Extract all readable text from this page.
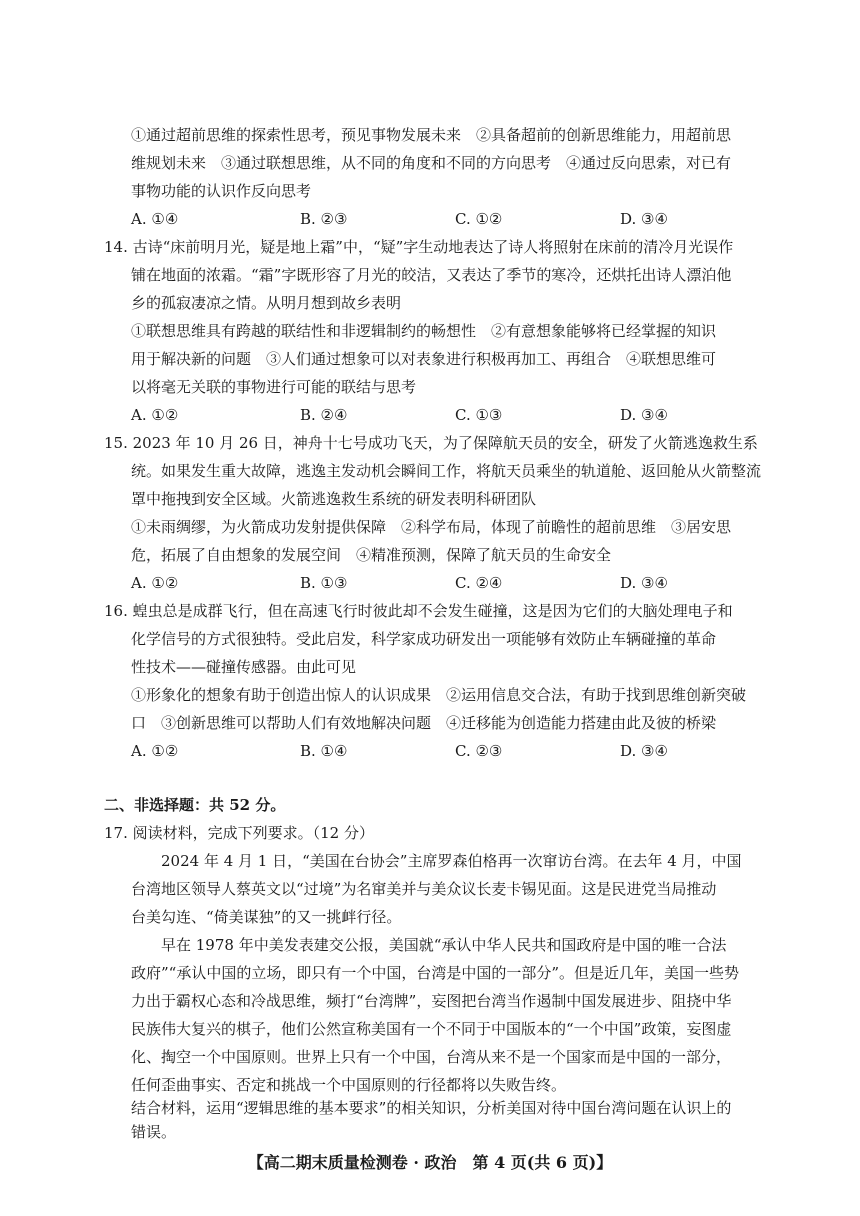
①通过超前思维的探索性思考，预见事物发展未来　②具备超前的创新思维能力，用超前思
维规划未来　③通过联想思维，从不同的角度和不同的方向思考　④通过反向思索，对已有
事物功能的认识作反向思考
A. ①④	B. ②③	C. ①②	D. ③④
14. 古诗“床前明月光，疑是地上霜”中，“疑”字生动地表达了诗人将照射在床前的清冷月光误作
铺在地面的浓霜。“霜”字既形容了月光的皎洁，又表达了季节的寒冷，还烘托出诗人漂泊他
乡的孤寂凄凉之情。从明月想到故乡表明
①联想思维具有跨越的联结性和非逻辑制约的畅想性　②有意想象能够将已经掌握的知识
用于解决新的问题　③人们通过想象可以对表象进行积极再加工、再组合　④联想思维可
以将毫无关联的事物进行可能的联结与思考
A. ①②	B. ②④	C. ①③	D. ③④
15. 2023 年 10 月 26 日，神舟十七号成功飞天，为了保障航天员的安全，研发了火箭逃逸救生系
统。如果发生重大故障，逃逸主发动机会瞬间工作，将航天员乘坐的轨道舱、返回舱从火箭整流
罩中拖拽到安全区域。火箭逃逸救生系统的研发表明科研团队
①未雨绸缪，为火箭成功发射提供保障　②科学布局，体现了前瞻性的超前思维　③居安思
危，拓展了自由想象的发展空间　④精准预测，保障了航天员的生命安全
A. ①②	B. ①③	C. ②④	D. ③④
16. 蝗虫总是成群飞行，但在高速飞行时彼此却不会发生碰撞，这是因为它们的大脑处理电子和
化学信号的方式很独特。受此启发，科学家成功研发出一项能够有效防止车辆碰撞的革命
性技术——碰撞传感器。由此可见
①形象化的想象有助于创造出惊人的认识成果　②运用信息交合法，有助于找到思维创新突破
口　③创新思维可以帮助人们有效地解决问题　④迁移能为创造能力搭建由此及彼的桥梁
A. ①②	B. ①④	C. ②③	D. ③④
二、非选择题：共 52 分。
17. 阅读材料，完成下列要求。（12 分）
2024 年 4 月 1 日，“美国在台协会”主席罗森伯格再一次窜访台湾。在去年 4 月，中国
台湾地区领导人蔡英文以“过境”为名窜美并与美众议长麦卡锡见面。这是民进党当局推动
台美勾连、“倚美谋独”的又一挑衅行径。
早在 1978 年中美发表建交公报，美国就“承认中华人民共和国政府是中国的唯一合法
政府”“承认中国的立场，即只有一个中国，台湾是中国的一部分”。但是近几年，美国一些势
力出于霸权心态和冷战思维，频打“台湾牌”，妄图把台湾当作遏制中国发展进步、阻挠中华
民族伟大复兴的棋子，他们公然宣称美国有一个不同于中国版本的“一个中国”政策，妄图虚
化、掏空一个中国原则。世界上只有一个中国，台湾从来不是一个国家而是中国的一部分，
任何歪曲事实、否定和挑战一个中国原则的行径都将以失败告终。
结合材料，运用“逻辑思维的基本要求”的相关知识，分析美国对待中国台湾问题在认识上的
【高二期末质量检测卷 · 政治　第 4 页(共 6 页)】
错误。
